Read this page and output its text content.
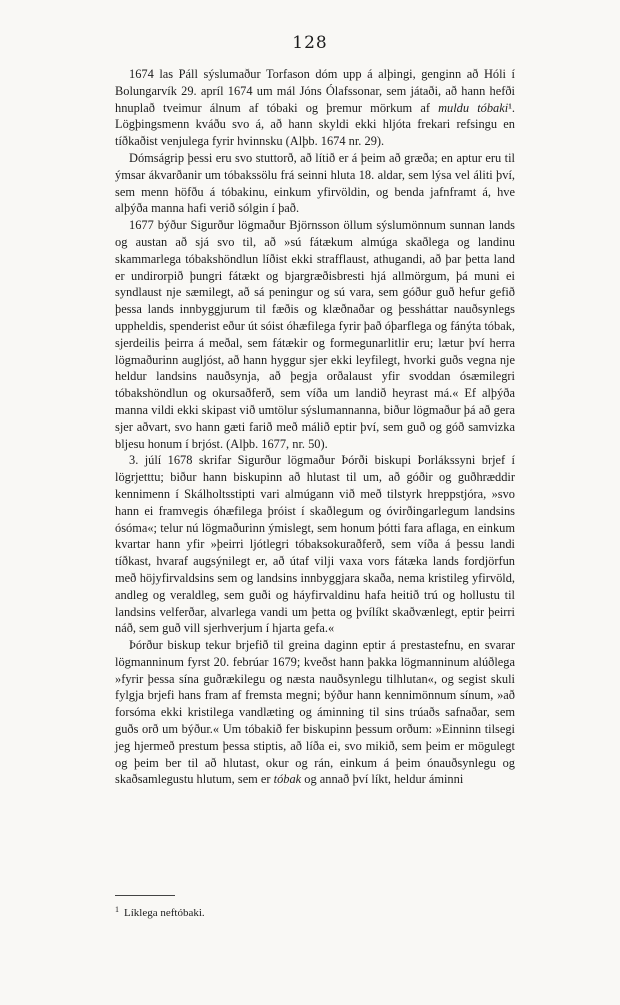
128

1674 las Páll sýslumaður Torfason dóm upp á alþingi, genginn að Hóli í Bolungarvík 29. apríl 1674 um mál Jóns Ólafssonar, sem játaði, að hann hefði hnuplað tveimur álnum af tóbaki og þremur mörkum af muldu tóbaki¹. Lögþingsmenn kváðu svo á, að hann skyldi ekki hljóta frekari refsingu en tíðkaðist venjulega fyrir hvinnsku (Alþb. 1674 nr. 29).

Dómságrip þessi eru svo stuttorð, að lítið er á þeim að græða; en aptur eru til ýmsar ákvarðanir um tóbakssölu frá seinni hluta 18. aldar, sem lýsa vel áliti því, sem menn höfðu á tóbakinu, einkum yfirvöldin, og benda jafnframt á, hve alþýða manna hafi verið sólgin í það.

1677 býður Sigurður lögmaður Björnsson öllum sýslumönnum sunnan lands og austan að sjá svo til, að »sú fátækum almúga skaðlega og landinu skammarlega tóbakshöndlun líðist ekki strafflaust, athugandi, að þar þetta land er undirorpið þungri fátækt og bjargræðisbresti hjá allmörgum, þá muni ei syndlaust nje sæmilegt, að sá peningur og sú vara, sem góður guð hefur gefið þessa lands innbyggjurum til fæðis og klæðnaðar og þessháttar nauðsynlegs uppheldis, spenderist eður út sóist óhæfilega fyrir það óþarflega og fánýta tóbak, sjerdeilis þeirra á meðal, sem fátækir og formegunarlitlir eru; lætur því herra lögmaðurinn augljóst, að hann hyggur sjer ekki leyfilegt, hvorki guðs vegna nje heldur landsins nauðsynja, að þegja orðalaust yfir svoddan ósæmilegri tóbakshöndlun og okursaðferð, sem víða um landið heyrast má.« Ef alþýða manna vildi ekki skipast við umtölur sýslumannanna, biður lögmaður þá að gera sjer aðvart, svo hann gæti farið með málið eptir því, sem guð og góð samvizka bljesu honum í brjóst. (Alþb. 1677, nr. 50).

3. júlí 1678 skrifar Sigurður lögmaður Þórði biskupi Þorlákssyni brjef í lögrjetttu; biður hann biskupinn að hlutast til um, að góðir og guðhræddir kennimenn í Skálholtsstipti vari almúgann við með tilstyrk hreppstjóra, »svo hann ei framvegis óhæfilega þróist í skaðlegum og óvirðingarlegum landsins ósóma«; telur nú lögmaðurinn ýmislegt, sem honum þótti fara aflaga, en einkum kvartar hann yfir »þeirri ljótlegri tóbaksokuraðferð, sem víða á þessu landi tíðkast, hvaraf augsýnilegt er, að útaf vilji vaxa vors fátæka lands fordjörfun með höjyfirvaldsins sem og landsins innbyggjara skaða, nema kristileg yfirvöld, andleg og veraldleg, sem guði og háyfirvaldinu hafa heitið trú og hollustu til landsins velferðar, alvarlega vandi um þetta og þvílíkt skaðvænlegt, eptir þeirri náð, sem guð vill sjerhverjum í hjarta gefa.«

Þórður biskup tekur brjefið til greina daginn eptir á prestastefnu, en svarar lögmanninum fyrst 20. febrúar 1679; kveðst hann þakka lögmanninum alúðlega »fyrir þessa sína guðrækilegu og næsta nauðsynlegu tilhlutan«, og segist skuli fylgja brjefi hans fram af fremsta megni; býður hann kennimönnum sínum, »að forsóma ekki kristilega vandlæting og áminning til sins trúaðs safnaðar, sem guðs orð um býður.« Um tóbakið fer biskupinn þessum orðum: »Einninn tilsegi jeg hjermeð prestum þessa stiptis, að líða ei, svo mikið, sem þeim er mögulegt og þeim ber til að hlutast, okur og rán, einkum á þeim ónauðsynlegu og skaðsamlegustu hlutum, sem er tóbak og annað því líkt, heldur áminni

$^1$ Líklega neftóbaki.
